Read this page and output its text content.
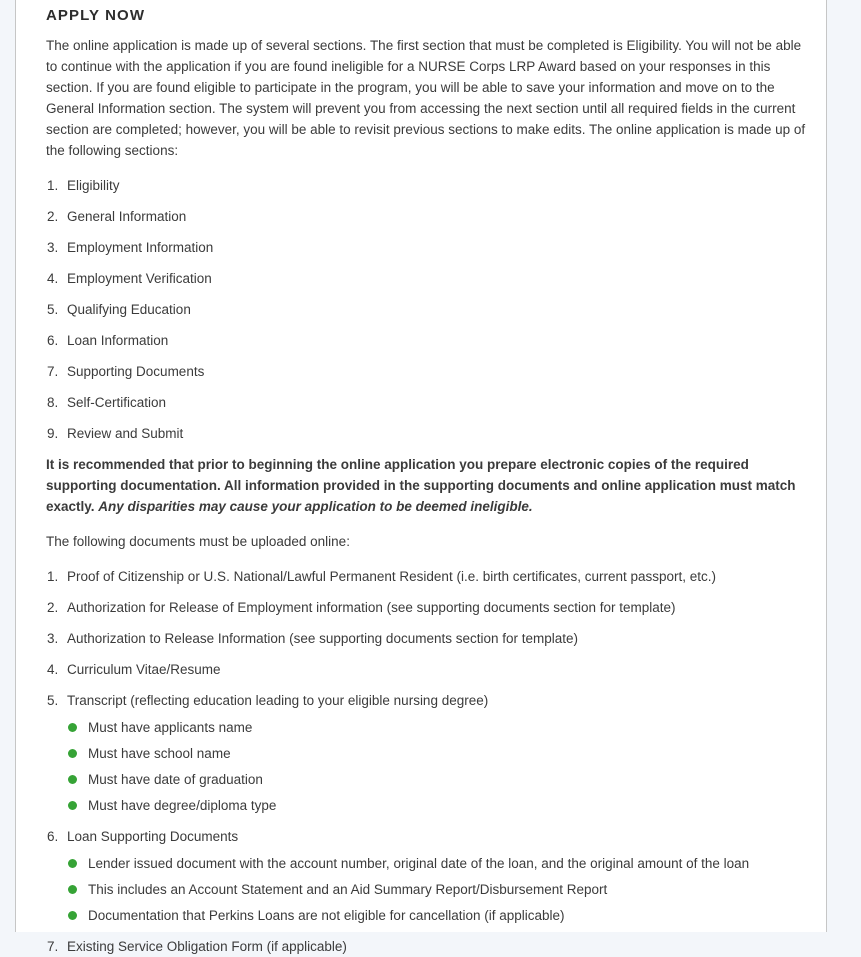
APPLY NOW

The online application is made up of several sections. The first section that must be completed is Eligibility. You will not be able to continue with the application if you are found ineligible for a NURSE Corps LRP Award based on your responses in this section. If you are found eligible to participate in the program, you will be able to save your information and move on to the General Information section. The system will prevent you from accessing the next section until all required fields in the current section are completed; however, you will be able to revisit previous sections to make edits. The online application is made up of the following sections:

Eligibility
General Information
Employment Information
Employment Verification
Qualifying Education
Loan Information
Supporting Documents
Self-Certification
Review and Submit

It is recommended that prior to beginning the online application you prepare electronic copies of the required supporting documentation. All information provided in the supporting documents and online application must match exactly. Any disparities may cause your application to be deemed ineligible.

The following documents must be uploaded online:

Proof of Citizenship or U.S. National/Lawful Permanent Resident (i.e. birth certificates, current passport, etc.)
Authorization for Release of Employment information (see supporting documents section for template)
Authorization to Release Information (see supporting documents section for template)
Curriculum Vitae/Resume
Transcript (reflecting education leading to your eligible nursing degree)
Must have applicants name
Must have school name
Must have date of graduation
Must have degree/diploma type
Loan Supporting Documents
Lender issued document with the account number, original date of the loan, and the original amount of the loan
This includes an Account Statement and an Aid Summary Report/Disbursement Report
Documentation that Perkins Loans are not eligible for cancellation (if applicable)
Existing Service Obligation Form (if applicable)
